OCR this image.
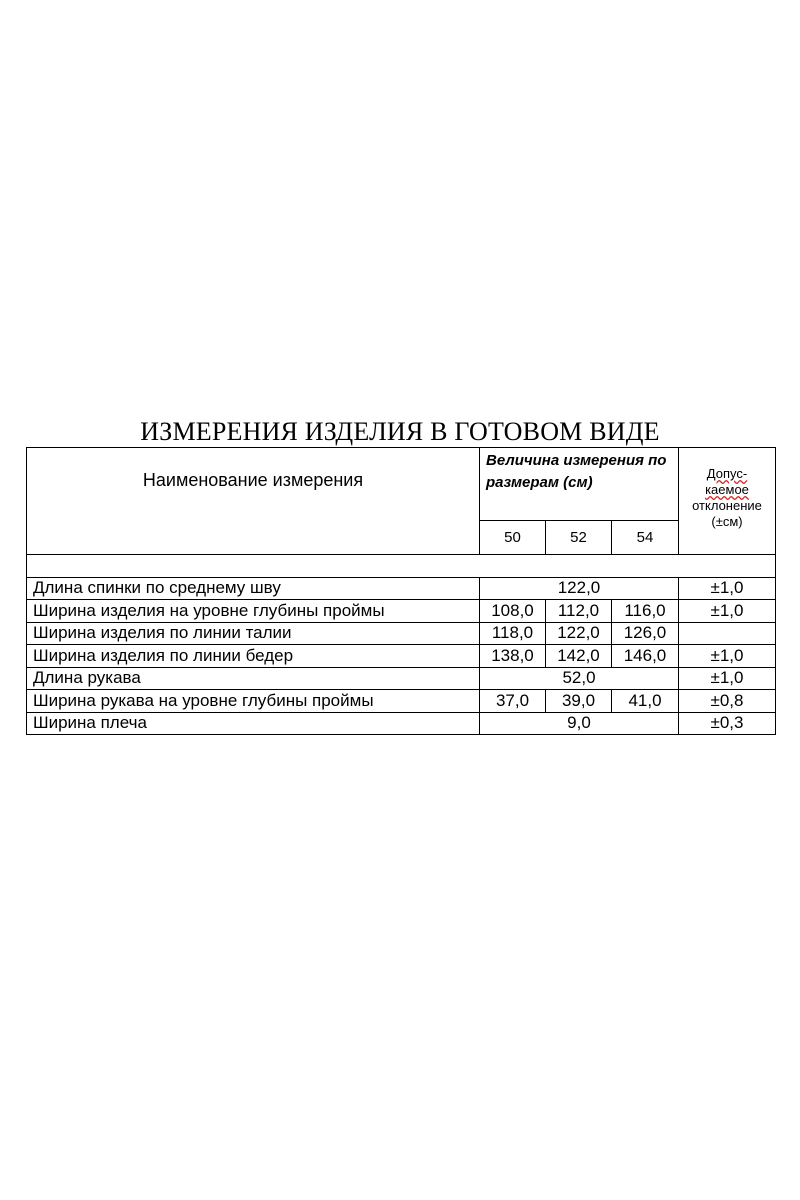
ИЗМЕРЕНИЯ ИЗДЕЛИЯ В ГОТОВОМ ВИДЕ
Наименование измерения	Величина измерения по размерам (см)			Допус-
каемое
отклонение
(±см)
	50	52	54	

Длина спинки по среднему шву	122,0			±1,0
Ширина изделия на уровне глубины проймы	108,0	112,0	116,0	±1,0
Ширина изделия по линии талии	118,0	122,0	126,0	
Ширина изделия по линии бедер	138,0	142,0	146,0	±1,0
Длина рукава	52,0			±1,0
Ширина рукава на уровне глубины проймы	37,0	39,0	41,0	±0,8
Ширина плеча	9,0			±0,3
